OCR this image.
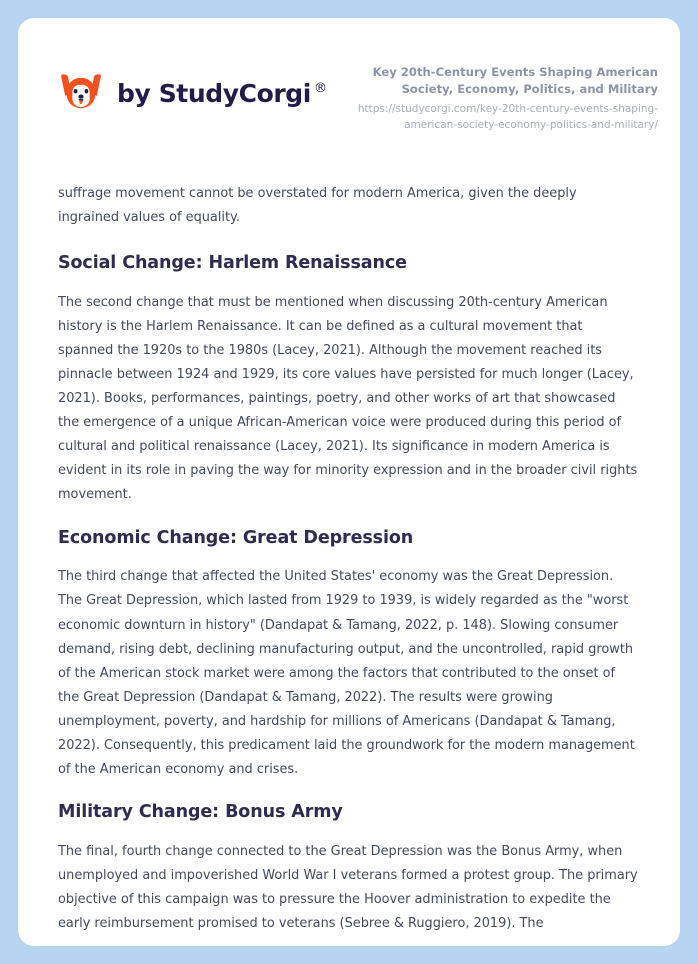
by StudyCorgi ®

Key 20th-Century Events Shaping American Society, Economy, Politics, and Military

https://studycorgi.com/key-20th-century-events-shaping-american-society-economy-politics-and-military/

suffrage movement cannot be overstated for modern America, given the deeply ingrained values of equality.

Social Change: Harlem Renaissance

The second change that must be mentioned when discussing 20th-century American history is the Harlem Renaissance. It can be defined as a cultural movement that spanned the 1920s to the 1980s (Lacey, 2021). Although the movement reached its pinnacle between 1924 and 1929, its core values have persisted for much longer (Lacey, 2021). Books, performances, paintings, poetry, and other works of art that showcased the emergence of a unique African-American voice were produced during this period of cultural and political renaissance (Lacey, 2021). Its significance in modern America is evident in its role in paving the way for minority expression and in the broader civil rights movement.

Economic Change: Great Depression

The third change that affected the United States' economy was the Great Depression. The Great Depression, which lasted from 1929 to 1939, is widely regarded as the "worst economic downturn in history" (Dandapat & Tamang, 2022, p. 148). Slowing consumer demand, rising debt, declining manufacturing output, and the uncontrolled, rapid growth of the American stock market were among the factors that contributed to the onset of the Great Depression (Dandapat & Tamang, 2022). The results were growing unemployment, poverty, and hardship for millions of Americans (Dandapat & Tamang, 2022). Consequently, this predicament laid the groundwork for the modern management of the American economy and crises.

Military Change: Bonus Army

The final, fourth change connected to the Great Depression was the Bonus Army, when unemployed and impoverished World War I veterans formed a protest group. The primary objective of this campaign was to pressure the Hoover administration to expedite the early reimbursement promised to veterans (Sebree & Ruggiero, 2019). The
